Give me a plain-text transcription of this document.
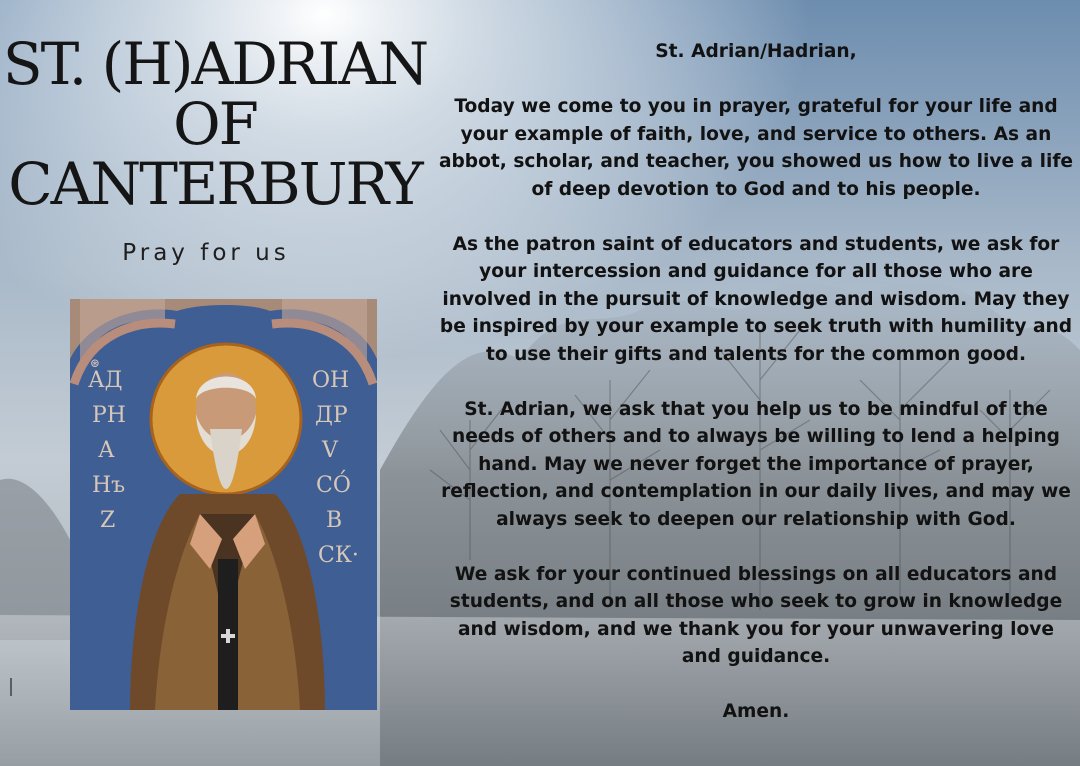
ST. (H)ADRIAN
OF
CANTERBURY
Pray for us
⊛
АД
РН
А
Нъ
Z
ОН
ДР
V
СО́
В
СК·

St. Adrian/Hadrian,

Today we come to you in prayer, grateful for your life and your example of faith, love, and service to others. As an abbot, scholar, and teacher, you showed us how to live a life of deep devotion to God and to his people.

As the patron saint of educators and students, we ask for your intercession and guidance for all those who are involved in the pursuit of knowledge and wisdom. May they be inspired by your example to seek truth with humility and to use their gifts and talents for the common good.

St. Adrian, we ask that you help us to be mindful of the needs of others and to always be willing to lend a helping hand. May we never forget the importance of prayer, reflection, and contemplation in our daily lives, and may we always seek to deepen our relationship with God.

We ask for your continued blessings on all educators and students, and on all those who seek to grow in knowledge and wisdom, and we thank you for your unwavering love and guidance.

Amen.
